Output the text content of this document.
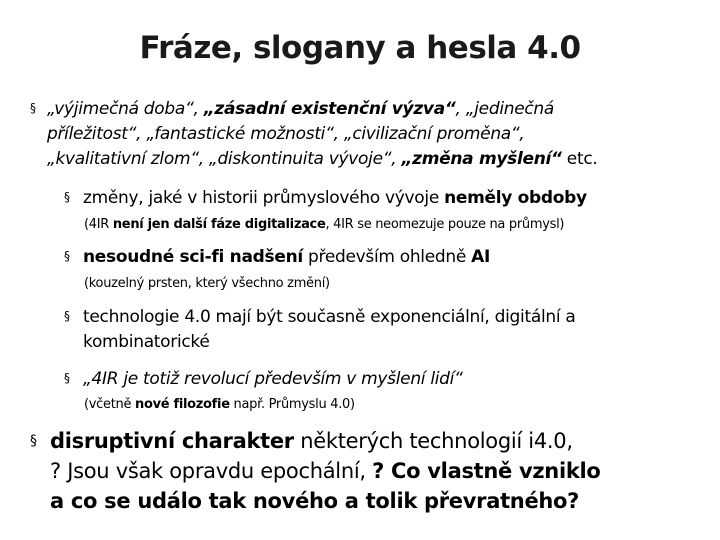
Fráze, slogany a hesla 4.0
§ „výjimečná doba“, „zásadní existenční výzva“, „jedinečná
příležitost“, „fantastické možnosti“, „civilizační proměna“,
„kvalitativní zlom“, „diskontinuita vývoje“, „změna myšlení“ etc.
§ změny, jaké v historii průmyslového vývoje neměly obdoby
(4IR není jen další fáze digitalizace, 4IR se neomezuje pouze na průmysl)
§ nesoudné sci-fi nadšení především ohledně AI
(kouzelný prsten, který všechno změní)
§ technologie 4.0 mají být současně exponenciální, digitální a
kombinatorické
§ „4IR je totiž revolucí především v myšlení lidí“
(včetně nové filozofie např. Průmyslu 4.0)
§ disruptivní charakter některých technologií i4.0,
? Jsou však opravdu epochální, ? Co vlastně vzniklo
a co se událo tak nového a tolik převratného?
